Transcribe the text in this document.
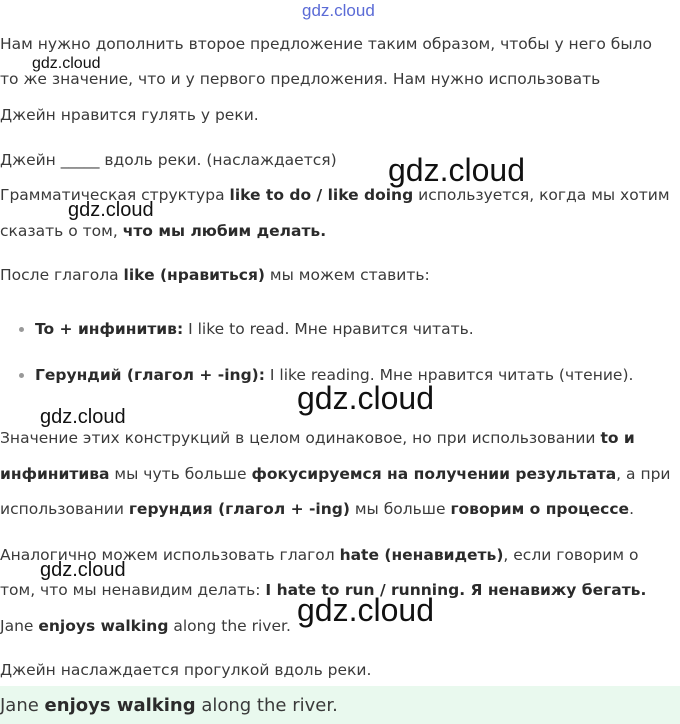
gdz.cloud
gdz.cloud
gdz.cloud
gdz.cloud
gdz.cloud
gdz.cloud
gdz.cloud
gdz.cloud
Нам нужно дополнить второе предложение таким образом, чтобы у него было
то же значение, что и у первого предложения. Нам нужно использовать
Джейн нравится гулять у реки.
Джейн _____ вдоль реки. (наслаждается)
Грамматическая структура like to do / like doing используется, когда мы хотим
сказать о том, что мы любим делать.
После глагола like (нравиться) мы можем ставить:
To + инфинитив: I like to read. Мне нравится читать.
Герундий (глагол + -ing): I like reading. Мне нравится читать (чтение).
Значение этих конструкций в целом одинаковое, но при использовании to и
инфинитива мы чуть больше фокусируемся на получении результата, а при
использовании герундия (глагол + -ing) мы больше говорим о процессе.
Аналогично можем использовать глагол hate (ненавидеть), если говорим о
том, что мы ненавидим делать: I hate to run / running. Я ненавижу бегать.
Jane enjoys walking along the river.
Джейн наслаждается прогулкой вдоль реки.
Jane enjoys walking along the river.
